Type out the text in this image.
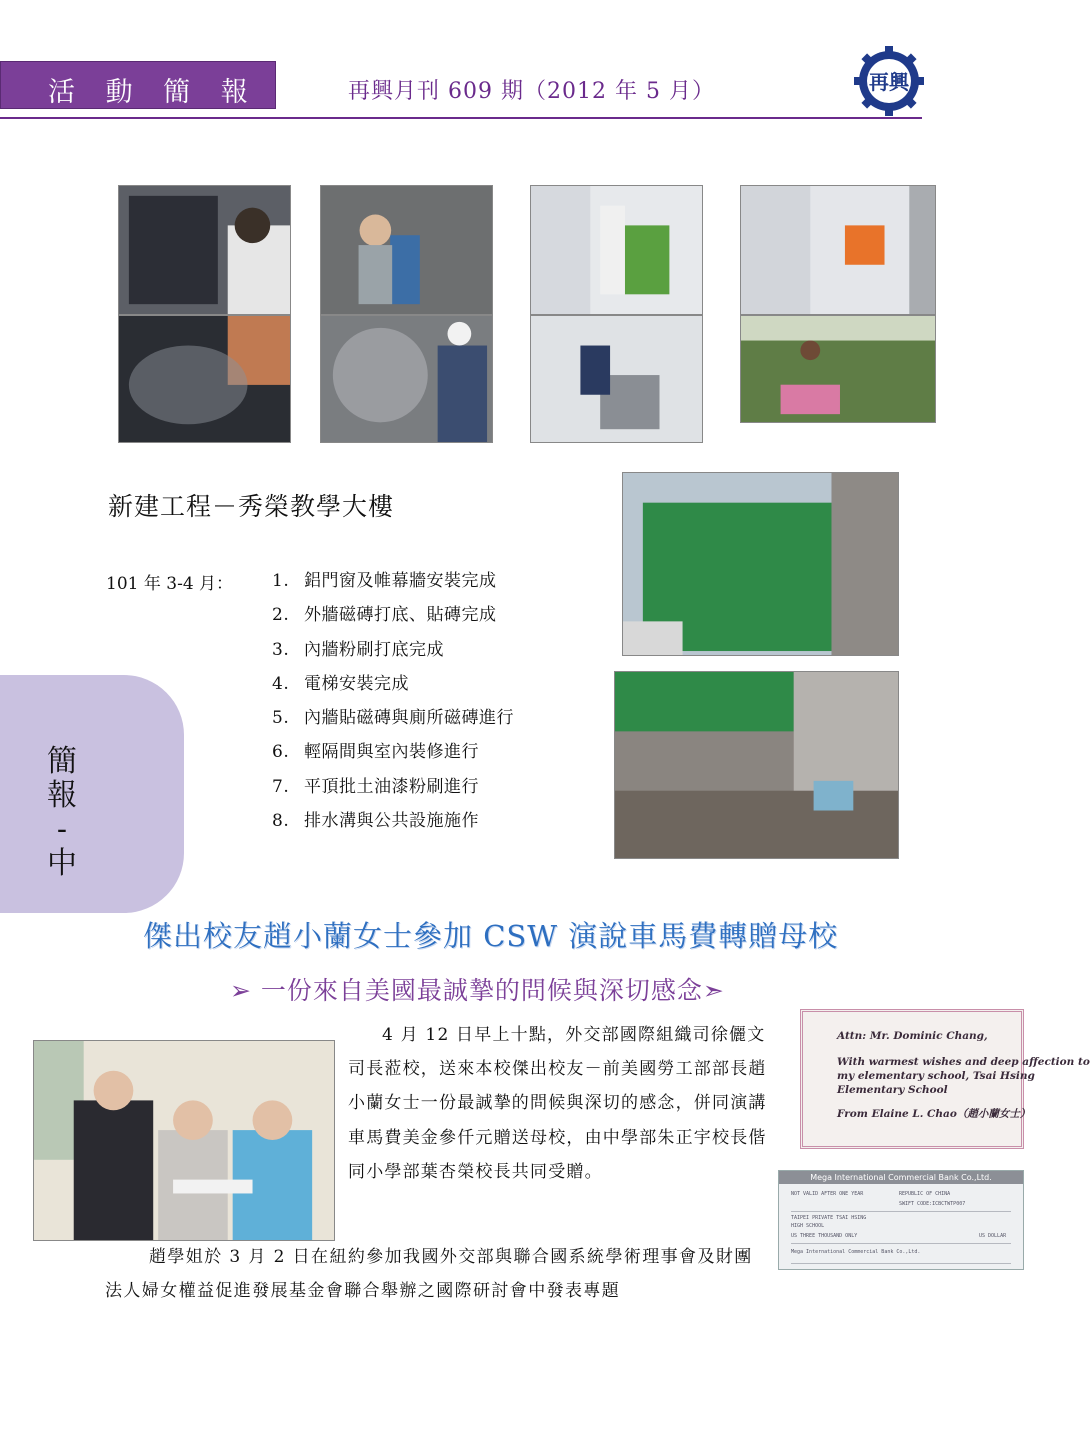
活 動 簡 報	再興月刊 609 期（2012 年 5 月）	再興
新建工程－秀榮教學大樓
101 年 3-4 月： 1. 鋁門窗及帷幕牆安裝完成
2. 外牆磁磚打底、貼磚完成
3. 內牆粉刷打底完成
4. 電梯安裝完成
5. 內牆貼磁磚與廁所磁磚進行
6. 輕隔間與室內裝修進行
7. 平頂批土油漆粉刷進行
8. 排水溝與公共設施施作
簡
報
-
中
傑出校友趙小蘭女士參加 CSW 演說車馬費轉贈母校
➢ 一份來自美國最誠摯的問候與深切感念➣

4 月 12 日早上十點，外交部國際組織司徐儷文司長蒞校，送來本校傑出校友－前美國勞工部部長趙小蘭女士一份最誠摯的問候與深切的感念，併同演講車馬費美金參仟元贈送母校，由中學部朱正宇校長偕同小學部葉杏榮校長共同受贈。

Attn: Mr. Dominic Chang,
With warmest wishes and deep affection to
my elementary school, Tsai Hsing
Elementary School
From Elaine L. Chao（趙小蘭女士）
Mega International Commercial Bank Co.,Ltd.
NOT VALID AFTER ONE YEAR	REPUBLIC OF CHINA
SWIFT CODE:ICBCTWTP007
TAIPEI PRIVATE TSAI HSING
HIGH SCHOOL
US THREE THOUSAND ONLY	US DOLLAR
Mega International Commercial Bank Co.,Ltd.

趙學姐於 3 月 2 日在紐約參加我國外交部與聯合國系統學術理事會及財團法人婦女權益促進發展基金會聯合舉辦之國際研討會中發表專題
